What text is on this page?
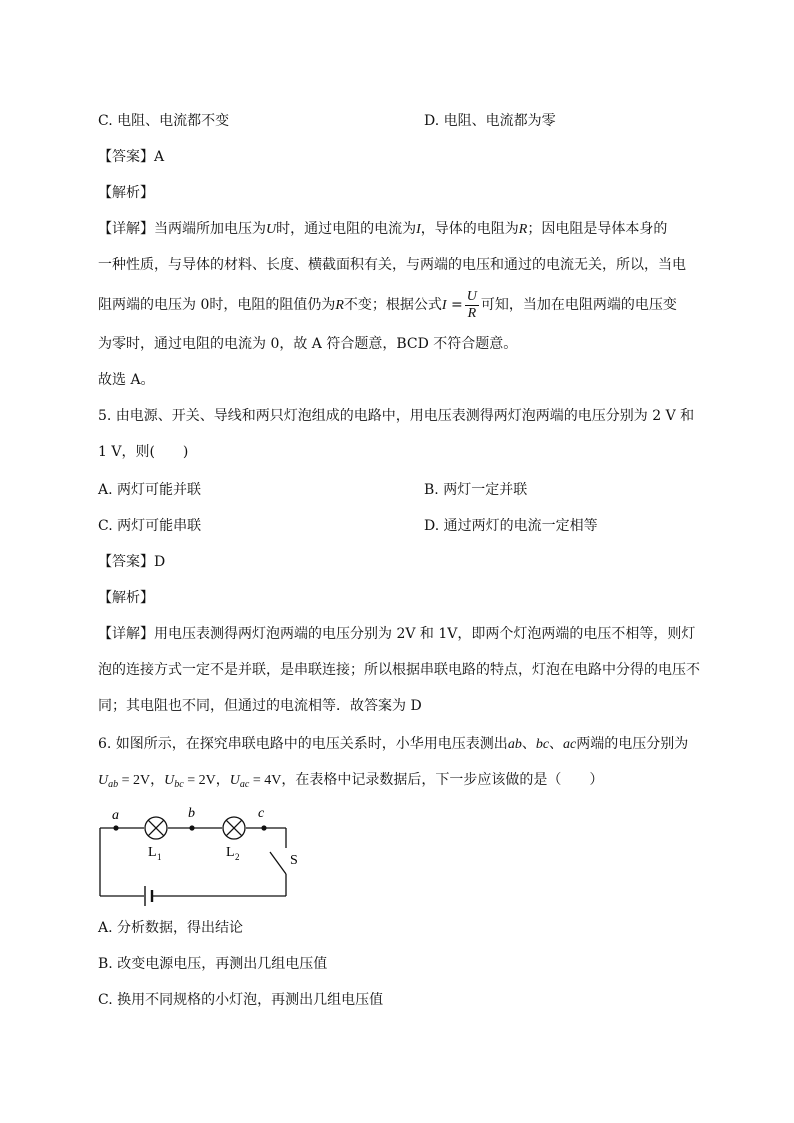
C. 电阻、电流都不变	D. 电阻、电流都为零
【答案】A
【解析】
【详解】当两端所加电压为U时，通过电阻的电流为I，导体的电阻为R；因电阻是导体本身的
一种性质，与导体的材料、长度、横截面积有关，与两端的电压和通过的电流无关，所以，当电
阻两端的电压为 0时，电阻的阻值仍为R不变；根据公式$I = \frac{U}{R}$ 可知，当加在电阻两端的电压变
为零时，通过电阻的电流为 0，故 A 符合题意，BCD 不符合题意。
故选 A。
5. 由电源、开关、导线和两只灯泡组成的电路中，用电压表测得两灯泡两端的电压分别为 2 V 和
1 V，则(　　)
A. 两灯可能并联	B. 两灯一定并联
C. 两灯可能串联	D. 通过两灯的电流一定相等
【答案】D
【解析】
【详解】用电压表测得两灯泡两端的电压分别为 2V 和 1V，即两个灯泡两端的电压不相等，则灯
泡的连接方式一定不是并联，是串联连接；所以根据串联电路的特点，灯泡在电路中分得的电压不
同；其电阻也不同，但通过的电流相等．故答案为 D
6. 如图所示，在探究串联电路中的电压关系时，小华用电压表测出ab、bc、ac两端的电压分别为
$U_{ab} = 2V$，$U_{bc} = 2V$，$U_{ac} = 4V$，在表格中记录数据后，下一步应该做的是（　　）
a	b	c
L 1	L 2	S
A. 分析数据，得出结论
B. 改变电源电压，再测出几组电压值
C. 换用不同规格的小灯泡，再测出几组电压值
